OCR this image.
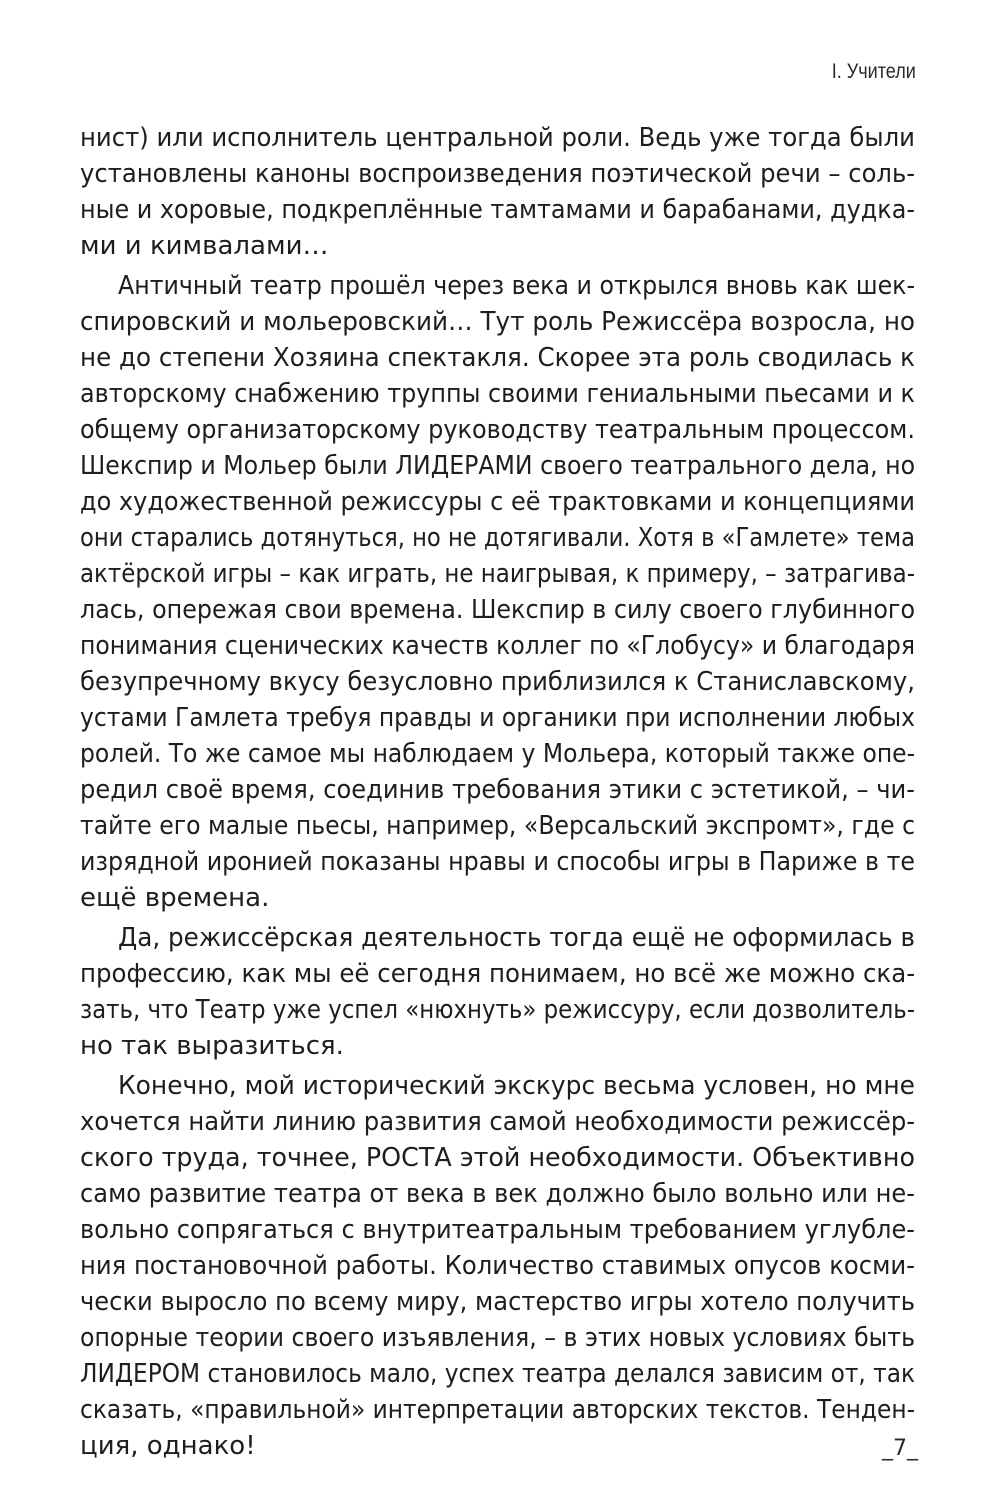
I. Учители
нист) или исполнитель центральной роли. Ведь уже тогда были
установлены каноны воспроизведения поэтической речи – соль-
ные и хоровые, подкреплённые тамтамами и барабанами, дудка-
ми и кимвалами…
Античный театр прошёл через века и открылся вновь как шек-
спировский и мольеровский… Тут роль Режиссёра возросла, но
не до степени Хозяина спектакля. Скорее эта роль сводилась к
авторскому снабжению труппы своими гениальными пьесами и к
общему организаторскому руководству театральным процессом.
Шекспир и Мольер были ЛИДЕРАМИ своего театрального дела, но
до художественной режиссуры с её трактовками и концепциями
они старались дотянуться, но не дотягивали. Хотя в «Гамлете» тема
актёрской игры – как играть, не наигрывая, к примеру, – затрагива-
лась, опережая свои времена. Шекспир в силу своего глубинного
понимания сценических качеств коллег по «Глобусу» и благодаря
безупречному вкусу безусловно приблизился к Станиславскому,
устами Гамлета требуя правды и органики при исполнении любых
ролей. То же самое мы наблюдаем у Мольера, который также опе-
редил своё время, соединив требования этики с эстетикой, – чи-
тайте его малые пьесы, например, «Версальский экспромт», где с
изрядной иронией показаны нравы и способы игры в Париже в те
ещё времена.
Да, режиссёрская деятельность тогда ещё не оформилась в
профессию, как мы её сегодня понимаем, но всё же можно ска-
зать, что Театр уже успел «нюхнуть» режиссуру, если дозволитель-
но так выразиться.
Конечно, мой исторический экскурс весьма условен, но мне
хочется найти линию развития самой необходимости режиссёр-
ского труда, точнее, РОСТА этой необходимости. Объективно
само развитие театра от века в век должно было вольно или не-
вольно сопрягаться с внутритеатральным требованием углубле-
ния постановочной работы. Количество ставимых опусов косми-
чески выросло по всему миру, мастерство игры хотело получить
опорные теории своего изъявления, – в этих новых условиях быть
ЛИДЕРОМ становилось мало, успех театра делался зависим от, так
сказать, «правильной» интерпретации авторских текстов. Тенден-
ция, однако!	_7_
